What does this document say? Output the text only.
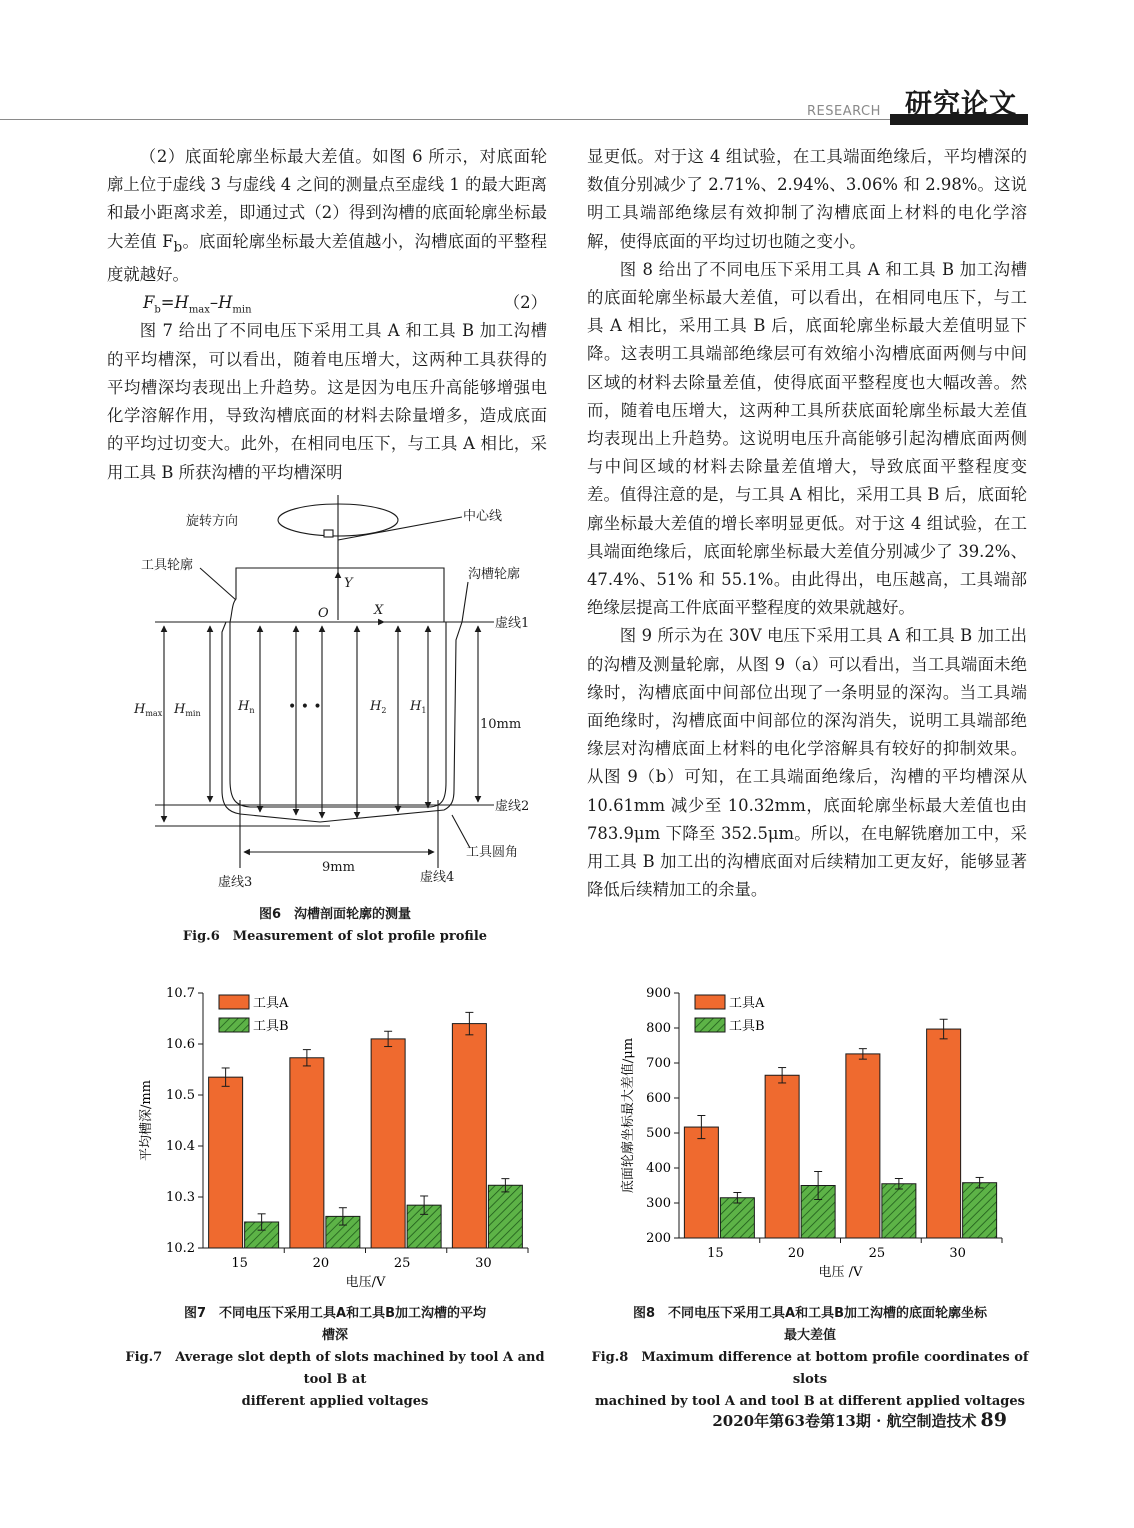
RESEARCH 研究论文

（2）底面轮廓坐标最大差值。如图 6 所示，对底面轮廓上位于虚线 3 与虚线 4 之间的测量点至虚线 1 的最大距离和最小距离求差，即通过式（2）得到沟槽的底面轮廓坐标最大差值 $F_b$。底面轮廓坐标最大差值越小，沟槽底面的平整程度就越好。

$F_b=H_{max}-H_{min}$	（2）

图 7 给出了不同电压下采用工具 A 和工具 B 加工沟槽的平均槽深，可以看出，随着电压增大，这两种工具获得的平均槽深均表现出上升趋势。这是因为电压升高能够增强电化学溶解作用，导致沟槽底面的材料去除量增多，造成底面的平均过切变大。此外，在相同电压下，与工具 A 相比，采用工具 B 所获沟槽的平均槽深明

显更低。对于这 4 组试验，在工具端面绝缘后，平均槽深的数值分别减少了 2.71%、2.94%、3.06% 和 2.98%。这说明工具端部绝缘层有效抑制了沟槽底面上材料的电化学溶解，使得底面的平均过切也随之变小。

图 8 给出了不同电压下采用工具 A 和工具 B 加工沟槽的底面轮廓坐标最大差值，可以看出，在相同电压下，与工具 A 相比，采用工具 B 后，底面轮廓坐标最大差值明显下降。这表明工具端部绝缘层可有效缩小沟槽底面两侧与中间区域的材料去除量差值，使得底面平整程度也大幅改善。然而，随着电压增大，这两种工具所获底面轮廓坐标最大差值均表现出上升趋势。这说明电压升高能够引起沟槽底面两侧与中间区域的材料去除量差值增大，导致底面平整程度变差。值得注意的是，与工具 A 相比，采用工具 B 后，底面轮廓坐标最大差值的增长率明显更低。对于这 4 组试验，在工具端面绝缘后，底面轮廓坐标最大差值分别减少了 39.2%、47.4%、51% 和 55.1%。由此得出，电压越高，工具端部绝缘层提高工件底面平整程度的效果就越好。

图 9 所示为在 30V 电压下采用工具 A 和工具 B 加工出的沟槽及测量轮廓，从图 9（a）可以看出，当工具端面未绝缘时，沟槽底面中间部位出现了一条明显的深沟。当工具端面绝缘时，沟槽底面中间部位的深沟消失，说明工具端部绝缘层对沟槽底面上材料的电化学溶解具有较好的抑制效果。从图 9（b）可知，在工具端面绝缘后，沟槽的平均槽深从 10.61mm 减少至 10.32mm，底面轮廓坐标最大差值也由 783.9μm 下降至 352.5μm。所以，在电解铣磨加工中，采用工具 B 加工出的沟槽底面对后续精加工更友好，能够显著降低后续精加工的余量。

旋转方向	中心线
工具轮廓
沟槽轮廓
Y
O	X
虚线1
虚线2
虚线3	虚线4
工具圆角
10mm
9mm
$H_{max}$ $H_{min}$	$H_n$	$H_2$ $H_1$
• • •
图6　沟槽剖面轮廓的测量
Fig.6　Measurement of slot profile profile
10.2
10.3
10.4
10.5
10.6
10.7
15	20	25	30
工具A
工具B
电压/V
平均槽深/mm
图7　不同电压下采用工具A和工具B加工沟槽的平均
槽深
Fig.7　Average slot depth of slots machined by tool A and tool B at
different applied voltages
200
300
400
500
600
700
800
900
15	20	25	30
工具A
工具B
电压 /V
底面轮廓坐标最大差值/μm
图8　不同电压下采用工具A和工具B加工沟槽的底面轮廓坐标
最大差值
Fig.8　Maximum difference at bottom profile coordinates of slots
machined by tool A and tool B at different applied voltages
2020年第63卷第13期 · 航空制造技术 89
